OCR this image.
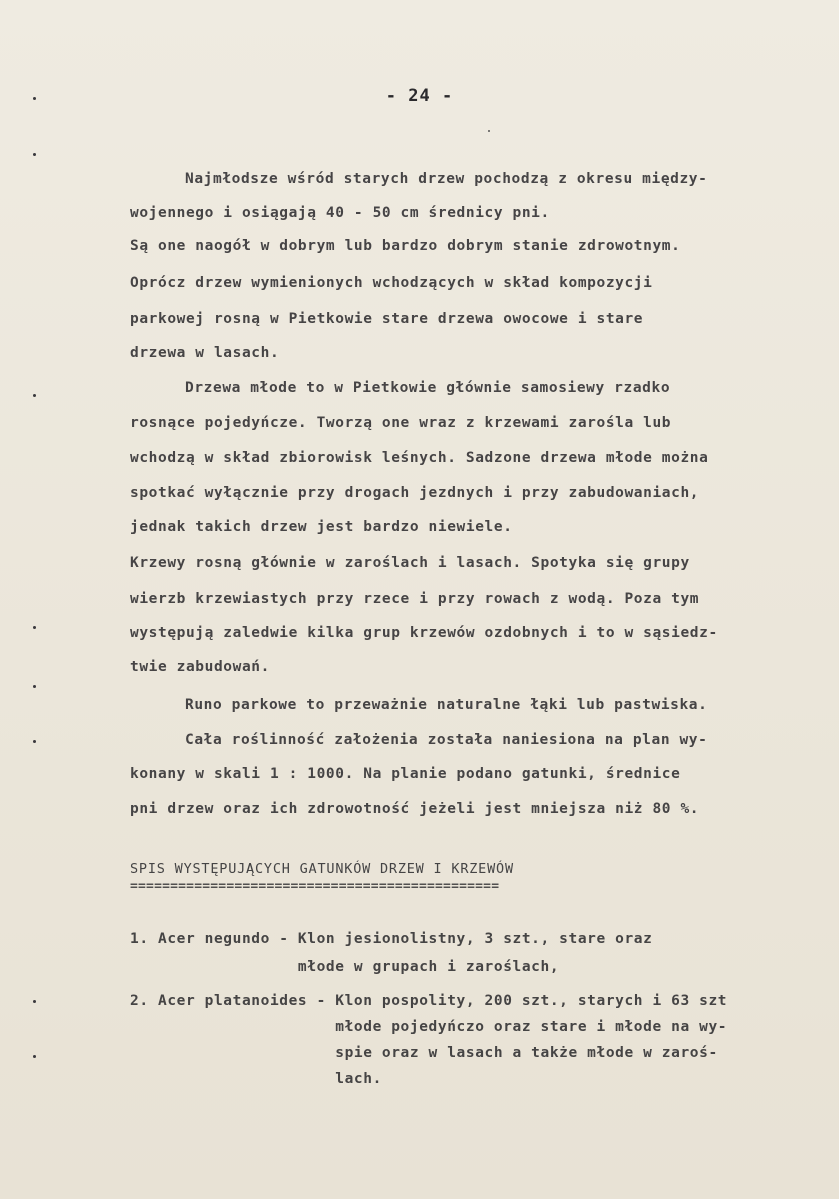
- 24 -
Najmłodsze wśród starych drzew pochodzą z okresu między-
wojennego i osiągają 40 - 50 cm średnicy pni.
Są one naogół w dobrym lub bardzo dobrym stanie zdrowotnym.
Oprócz drzew wymienionych wchodzących w skład kompozycji
parkowej rosną w Pietkowie stare drzewa owocowe i stare
drzewa w lasach.
Drzewa młode to w Pietkowie głównie samosiewy rzadko
rosnące pojedyńcze. Tworzą one wraz z krzewami zarośla lub
wchodzą w skład zbiorowisk leśnych. Sadzone drzewa młode można
spotkać wyłącznie przy drogach jezdnych i przy zabudowaniach,
jednak takich drzew jest bardzo niewiele.
Krzewy rosną głównie w zaroślach i lasach. Spotyka się grupy
wierzb krzewiastych przy rzece i przy rowach z wodą. Poza tym
występują zaledwie kilka grup krzewów ozdobnych i to w sąsiedz-
twie zabudowań.
Runo parkowe to przeważnie naturalne łąki lub pastwiska.
Cała roślinność założenia została naniesiona na plan wy-
konany w skali 1 : 1000. Na planie podano gatunki, średnice
pni drzew oraz ich zdrowotność jeżeli jest mniejsza niż 80 %.
SPIS WYSTĘPUJĄCYCH GATUNKÓW DRZEW I KRZEWÓW
==============================================
1. Acer negundo - Klon jesionolistny, 3 szt., stare oraz
młode w grupach i zaroślach,
2. Acer platanoides - Klon pospolity, 200 szt., starych i 63 szt
młode pojedyńczo oraz stare i młode na wy-
spie oraz w lasach a także młode w zaroś-
lach.
